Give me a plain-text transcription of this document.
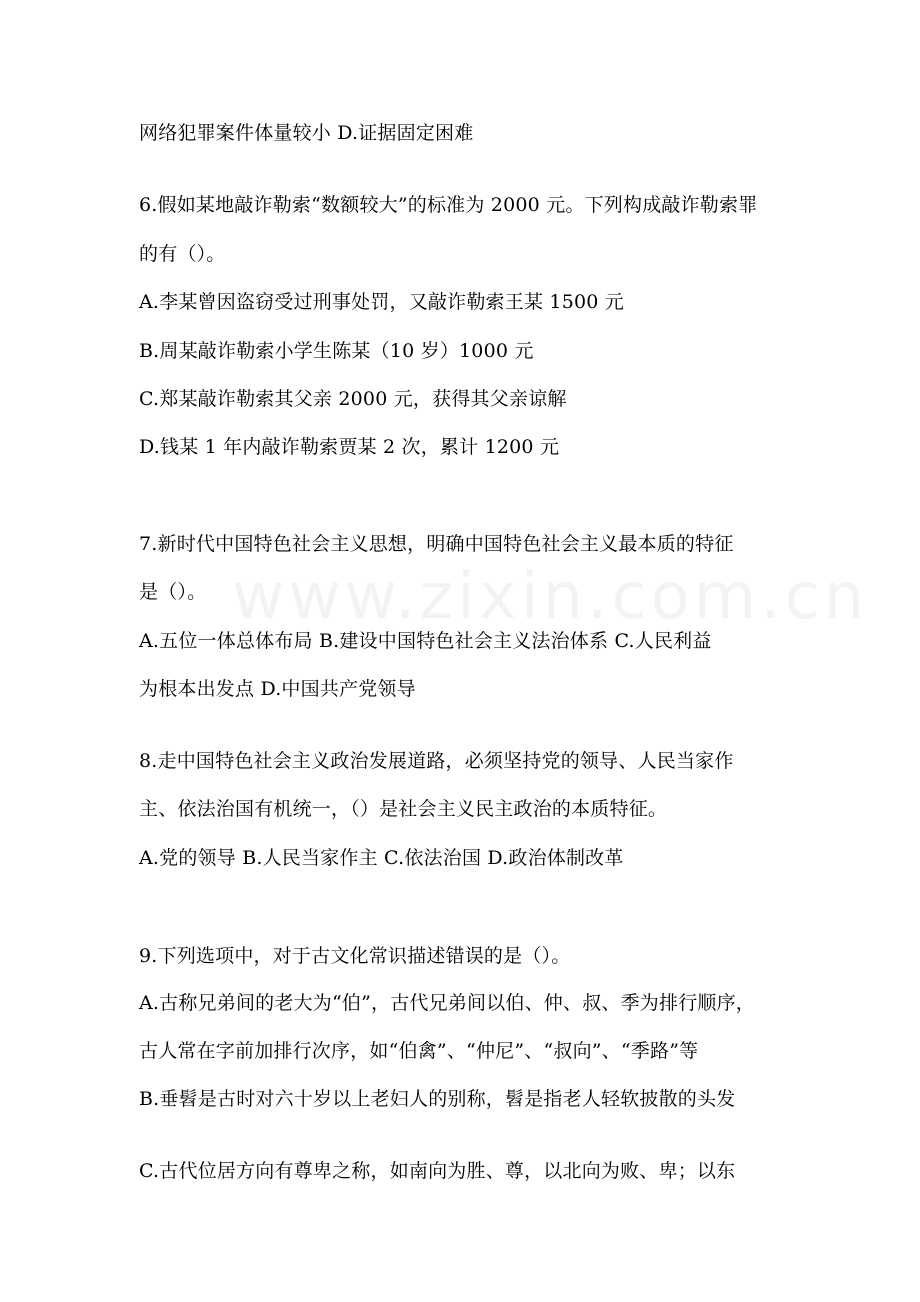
网络犯罪案件体量较小 D.证据固定困难
6.假如某地敲诈勒索“数额较大”的标准为 2000 元。下列构成敲诈勒索罪
的有（）。
A.李某曾因盗窃受过刑事处罚，又敲诈勒索王某 1500 元
B.周某敲诈勒索小学生陈某（10 岁）1000 元
C.郑某敲诈勒索其父亲 2000 元，获得其父亲谅解
D.钱某 1 年内敲诈勒索贾某 2 次，累计 1200 元
7.新时代中国特色社会主义思想，明确中国特色社会主义最本质的特征
是（）。
A.五位一体总体布局 B.建设中国特色社会主义法治体系 C.人民利益
为根本出发点 D.中国共产党领导
8.走中国特色社会主义政治发展道路，必须坚持党的领导、人民当家作
主、依法治国有机统一，（）是社会主义民主政治的本质特征。
A.党的领导 B.人民当家作主 C.依法治国 D.政治体制改革
9.下列选项中，对于古文化常识描述错误的是（）。
A.古称兄弟间的老大为“伯”，古代兄弟间以伯、仲、叔、季为排行顺序，
古人常在字前加排行次序，如“伯禽”、“仲尼”、“叔向”、“季路”等
B.垂髫是古时对六十岁以上老妇人的别称，髫是指老人轻软披散的头发
C.古代位居方向有尊卑之称，如南向为胜、尊，以北向为败、卑；以东
